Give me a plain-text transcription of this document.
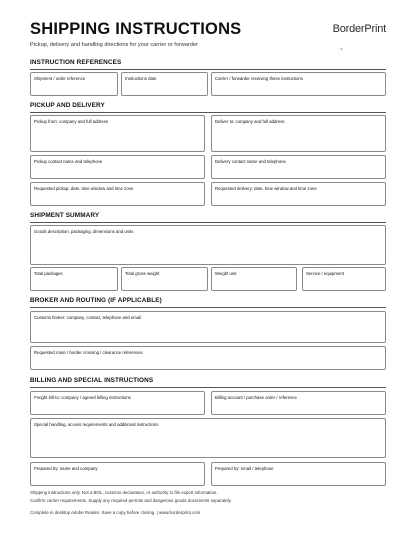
SHIPPING INSTRUCTIONS
Pickup, delivery and handling directions for your carrier or forwarder
BorderPrint
™
INSTRUCTION REFERENCES
Shipment / order reference	Instructions date	Carrier / forwarder receiving these instructions
PICKUP AND DELIVERY
Pickup from: company and full address	Deliver to: company and full address
Pickup contact name and telephone	Delivery contact name and telephone
Requested pickup: date, time window and time zone	Requested delivery: date, time window and time zone
SHIPMENT SUMMARY
Goods description, packaging, dimensions and units
Total packages	Total gross weight	Weight unit	Service / equipment
BROKER AND ROUTING (IF APPLICABLE)
Customs broker: company, contact, telephone and email
Requested route / border crossing / clearance references
BILLING AND SPECIAL INSTRUCTIONS
Freight bill-to: company / agreed billing instructions	Billing account / purchase order / reference
Special handling, access requirements and additional instructions
Prepared by: name and company	Prepared by: email / telephone
Shipping instructions only. Not a BOL, customs declaration, or authority to file export information.
Confirm carrier requirements. Supply any required permits and dangerous goods documents separately.
Complete in desktop Adobe Reader. Save a copy before closing. | www.borderprint.com
